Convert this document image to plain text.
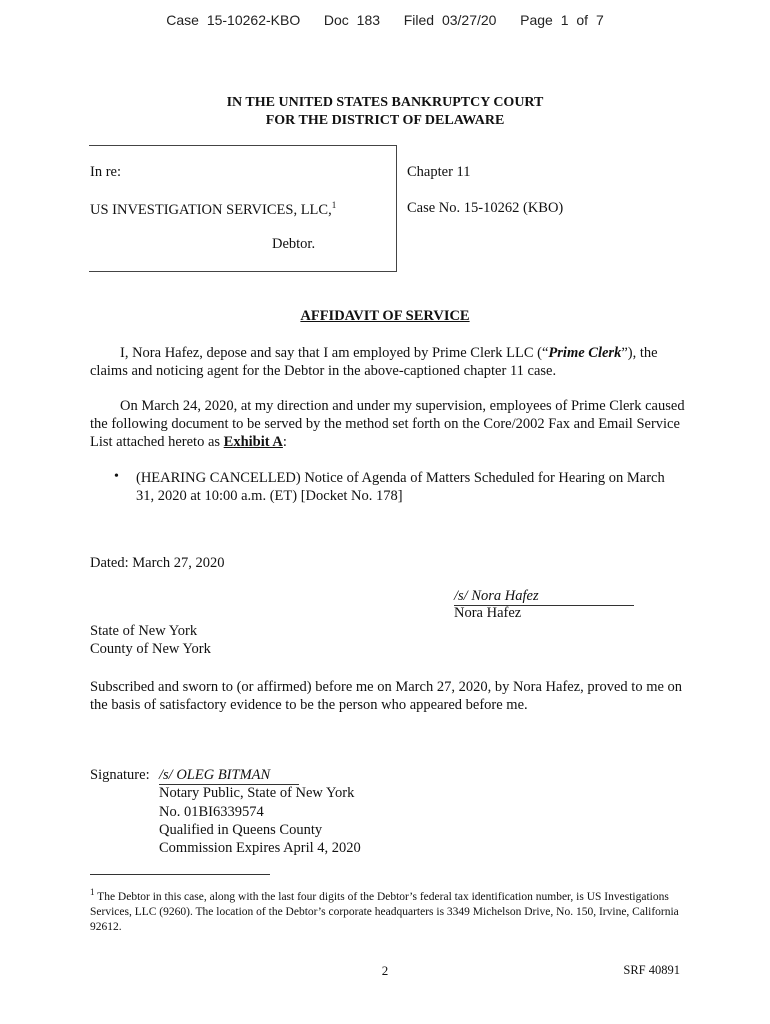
Case 15-10262-KBO Doc 183 Filed 03/27/20 Page 1 of 7
IN THE UNITED STATES BANKRUPTCY COURT
FOR THE DISTRICT OF DELAWARE
In re:
US INVESTIGATION SERVICES, LLC,$^1$
Debtor.
Chapter 11
Case No. 15-10262 (KBO)
AFFIDAVIT OF SERVICE
I, Nora Hafez, depose and say that I am employed by Prime Clerk LLC (“Prime Clerk”), the claims and noticing agent for the Debtor in the above-captioned chapter 11 case.
On March 24, 2020, at my direction and under my supervision, employees of Prime Clerk caused the following document to be served by the method set forth on the Core/2002 Fax and Email Service List attached hereto as Exhibit A:
• (HEARING CANCELLED) Notice of Agenda of Matters Scheduled for Hearing on March 31, 2020 at 10:00 a.m. (ET) [Docket No. 178]
Dated: March 27, 2020
/s/ Nora Hafez
Nora Hafez
State of New York
County of New York
Subscribed and sworn to (or affirmed) before me on March 27, 2020, by Nora Hafez, proved to me on the basis of satisfactory evidence to be the person who appeared before me.
Signature: /s/ OLEG BITMAN
Notary Public, State of New York
No. 01BI6339574
Qualified in Queens County
Commission Expires April 4, 2020
$^1$ The Debtor in this case, along with the last four digits of the Debtor’s federal tax identification number, is US Investigations Services, LLC (9260). The location of the Debtor’s corporate headquarters is 3349 Michelson Drive, No. 150, Irvine, California 92612.
2	SRF 40891
